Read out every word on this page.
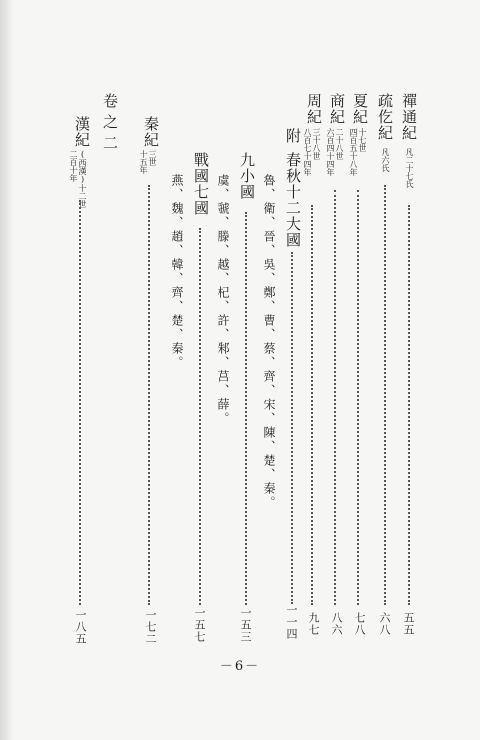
禪通紀
凡二十七氏
五五
疏仡紀
凡六氏
六八
夏紀
十七世
四百五十八年
七八
商紀
二十八世
六百四十四年
八六
周紀
三十八世
八百七十四年
九七
附
春秋十二大國
一一四
魯、衛、晉、吳、鄭、曹、蔡、齊、宋、陳、楚、秦。
九小國
一五三
虞、虢、滕、越、杞、許、邾、莒、薛。
戰國七國
一五七
燕、魏、趙、韓、齊、楚、秦。
秦紀
三世
十五年
一七二
卷之二
漢紀
(西漢)十二世
二百十年
一八五
－6－
